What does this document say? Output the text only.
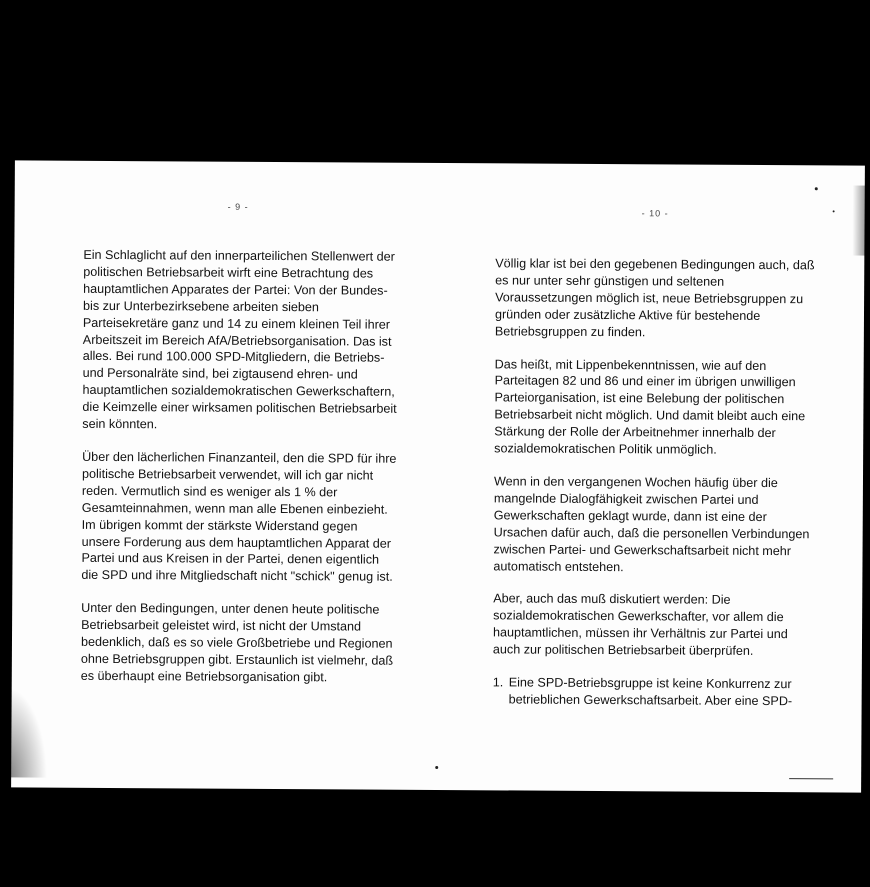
- 9 -
- 10 -

Ein Schlaglicht auf den innerparteilichen Stellenwert der politischen Betriebsarbeit wirft eine Betrachtung des hauptamtlichen Apparates der Partei: Von der Bundes- bis zur Unterbezirksebene arbeiten sieben Parteisekretäre ganz und 14 zu einem kleinen Teil ihrer Arbeitszeit im Bereich AfA/Betriebsorganisation. Das ist alles. Bei rund 100.000 SPD-Mitgliedern, die Betriebs- und Personalräte sind, bei zigtausend ehren- und hauptamtlichen sozialdemokratischen Gewerkschaftern, die Keimzelle einer wirksamen politischen Betriebsarbeit sein könnten.

Über den lächerlichen Finanzanteil, den die SPD für ihre politische Betriebsarbeit verwendet, will ich gar nicht reden. Vermutlich sind es weniger als 1 % der Gesamteinnahmen, wenn man alle Ebenen einbezieht. Im übrigen kommt der stärkste Widerstand gegen unsere Forderung aus dem hauptamtlichen Apparat der Partei und aus Kreisen in der Partei, denen eigentlich die SPD und ihre Mitgliedschaft nicht "schick" genug ist.

Unter den Bedingungen, unter denen heute politische Betriebsarbeit geleistet wird, ist nicht der Umstand bedenklich, daß es so viele Großbetriebe und Regionen ohne Betriebsgruppen gibt. Erstaunlich ist vielmehr, daß es überhaupt eine Betriebsorganisation gibt.

Völlig klar ist bei den gegebenen Bedingungen auch, daß es nur unter sehr günstigen und seltenen Voraussetzungen möglich ist, neue Betriebsgruppen zu gründen oder zusätzliche Aktive für bestehende Betriebsgruppen zu finden.

Das heißt, mit Lippenbekenntnissen, wie auf den Parteitagen 82 und 86 und einer im übrigen unwilligen Parteiorganisation, ist eine Belebung der politischen Betriebsarbeit nicht möglich. Und damit bleibt auch eine Stärkung der Rolle der Arbeitnehmer innerhalb der sozialdemokratischen Politik unmöglich.

Wenn in den vergangenen Wochen häufig über die mangelnde Dialogfähigkeit zwischen Partei und Gewerkschaften geklagt wurde, dann ist eine der Ursachen dafür auch, daß die personellen Verbindungen zwischen Partei- und Gewerkschaftsarbeit nicht mehr automatisch entstehen.

Aber, auch das muß diskutiert werden: Die sozialdemokratischen Gewerkschafter, vor allem die hauptamtlichen, müssen ihr Verhältnis zur Partei und auch zur politischen Betriebsarbeit überprüfen.

1. Eine SPD-Betriebsgruppe ist keine Konkurrenz zur betrieblichen Gewerkschaftsarbeit. Aber eine SPD-
